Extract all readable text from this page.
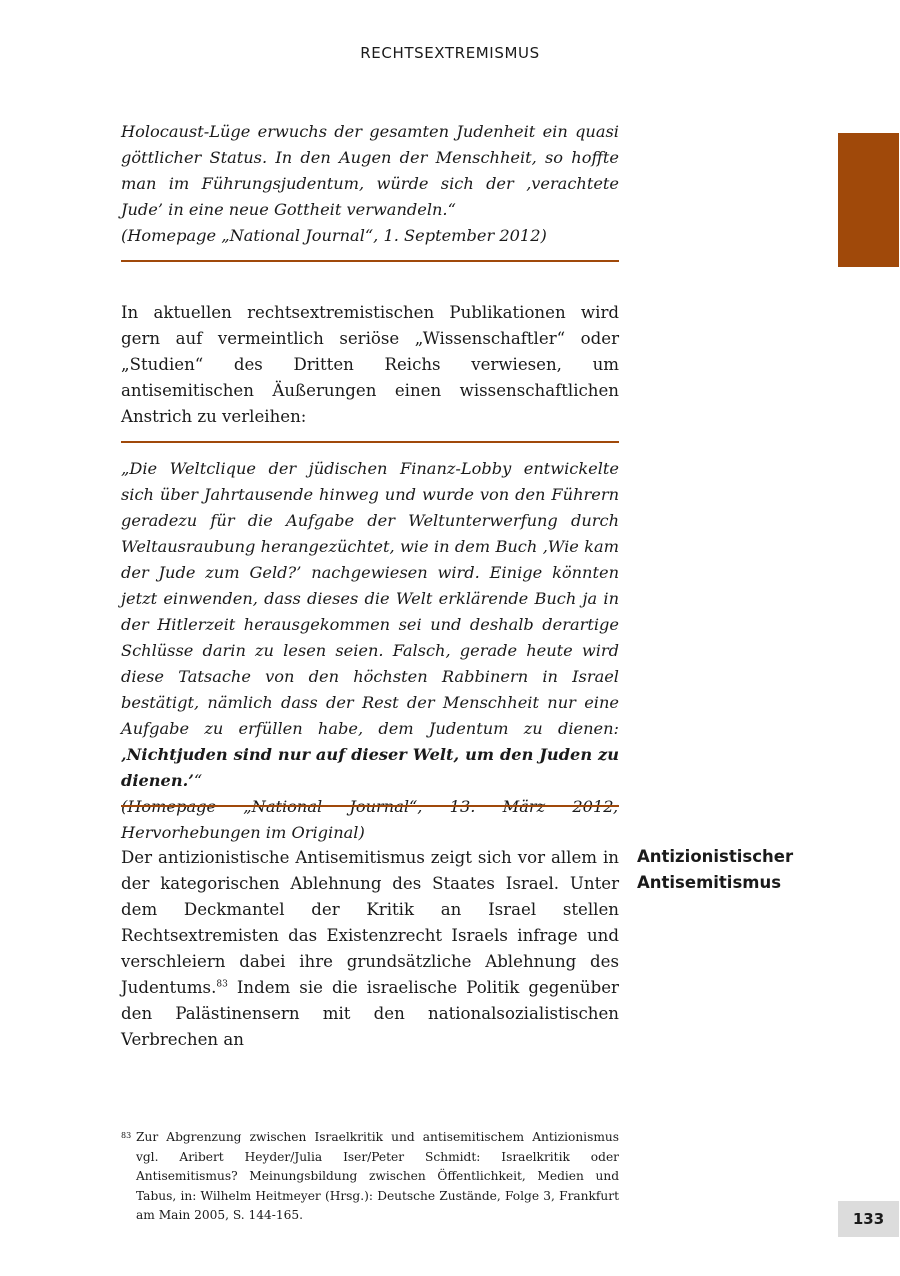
RECHTSEXTREMISMUS

Holocaust-Lüge erwuchs der gesamten Judenheit ein quasi göttlicher Status. In den Augen der Menschheit, so hoffte man im Führungsjudentum, würde sich der ‚verachtete Jude’ in eine neue Gottheit verwandeln.“

(Homepage „National Journal“, 1. September 2012)

In aktuellen rechtsextremistischen Publikationen wird gern auf vermeintlich seriöse „Wissenschaftler“ oder „Studien“ des Dritten Reichs verwiesen, um antisemitischen Äußerungen einen wissenschaftlichen Anstrich zu verleihen:

„Die Weltclique der jüdischen Finanz-Lobby entwickelte sich über Jahrtausende hinweg und wurde von den Führern geradezu für die Aufgabe der Weltunterwerfung durch Weltausraubung herangezüchtet, wie in dem Buch ‚Wie kam der Jude zum Geld?’ nachgewiesen wird. Einige könnten jetzt einwenden, dass dieses die Welt erklärende Buch ja in der Hitlerzeit herausgekommen sei und deshalb derartige Schlüsse darin zu lesen seien. Falsch, gerade heute wird diese Tatsache von den höchsten Rabbinern in Israel bestätigt, nämlich dass der Rest der Menschheit nur eine Aufgabe zu erfüllen habe, dem Judentum zu dienen: ‚Nichtjuden sind nur auf dieser Welt, um den Juden zu dienen.’“

(Homepage „National Journal“, 13. März 2012; Hervorhebungen im Original)

Antizionistischer
Antisemitismus

Der antizionistische Antisemitismus zeigt sich vor allem in der kategorischen Ablehnung des Staates Israel. Unter dem Deckmantel der Kritik an Israel stellen Rechtsextremisten das Existenzrecht Israels infrage und verschleiern dabei ihre grundsätzliche Ablehnung des Judentums.$^{83}$ Indem sie die israelische Politik gegenüber den Palästinensern mit den nationalsozialistischen Verbrechen an

83 Zur Abgrenzung zwischen Israelkritik und antisemitischem Antizionismus vgl. Aribert Heyder/Julia Iser/Peter Schmidt: Israelkritik oder Antisemitismus? Meinungsbildung zwischen Öffentlichkeit, Medien und Tabus, in: Wilhelm Heitmeyer (Hrsg.): Deutsche Zustände, Folge 3, Frankfurt am Main 2005, S. 144-165.	133
